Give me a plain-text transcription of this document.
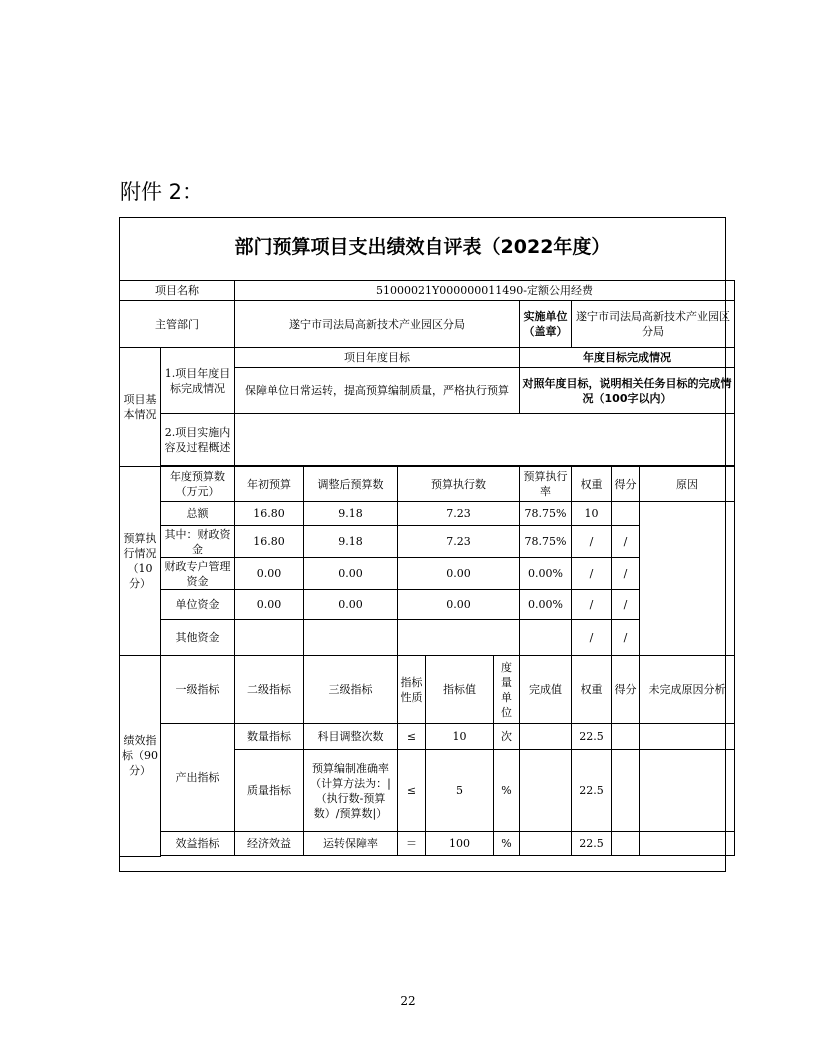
附件 2：
部门预算项目支出绩效自评表（2022年度）
项目名称		51000021Y000000011490-定额公用经费								
主管部门		遂宁市司法局高新技术产业园区分局					实施单位（盖章）	遂宁市司法局高新技术产业园区分局		
项目基本情况	1.项目年度目标完成情况	项目年度目标					年度目标完成情况			
		保障单位日常运转，提高预算编制质量，严格执行预算					对照年度目标，说明相关任务目标的完成情况（100字以内）			
	2.项目实施内容及过程概述									

预算执行情况（10分）	年度预算数（万元）	年初预算	调整后预算数	预算执行数			预算执行率	权重	得分	原因
	总额	16.80	9.18	7.23			78.75%	10		
	其中：财政资金	16.80	9.18	7.23			78.75%	/	/	
	财政专户管理资金	0.00	0.00	0.00			0.00%	/	/	
	单位资金	0.00	0.00	0.00			0.00%	/	/	
	其他资金							/	/	
绩效指标（90分）	一级指标	二级指标	三级指标	指标性质	指标值	度量单位	完成值	权重	得分	未完成原因分析
	产出指标	数量指标	科目调整次数	≤	10	次		22.5		
		质量指标	预算编制准确率（计算方法为：|（执行数-预算数）/预算数|）	≤	5	%		22.5		
	效益指标	经济效益	运转保障率	＝	100	%		22.5		

22
